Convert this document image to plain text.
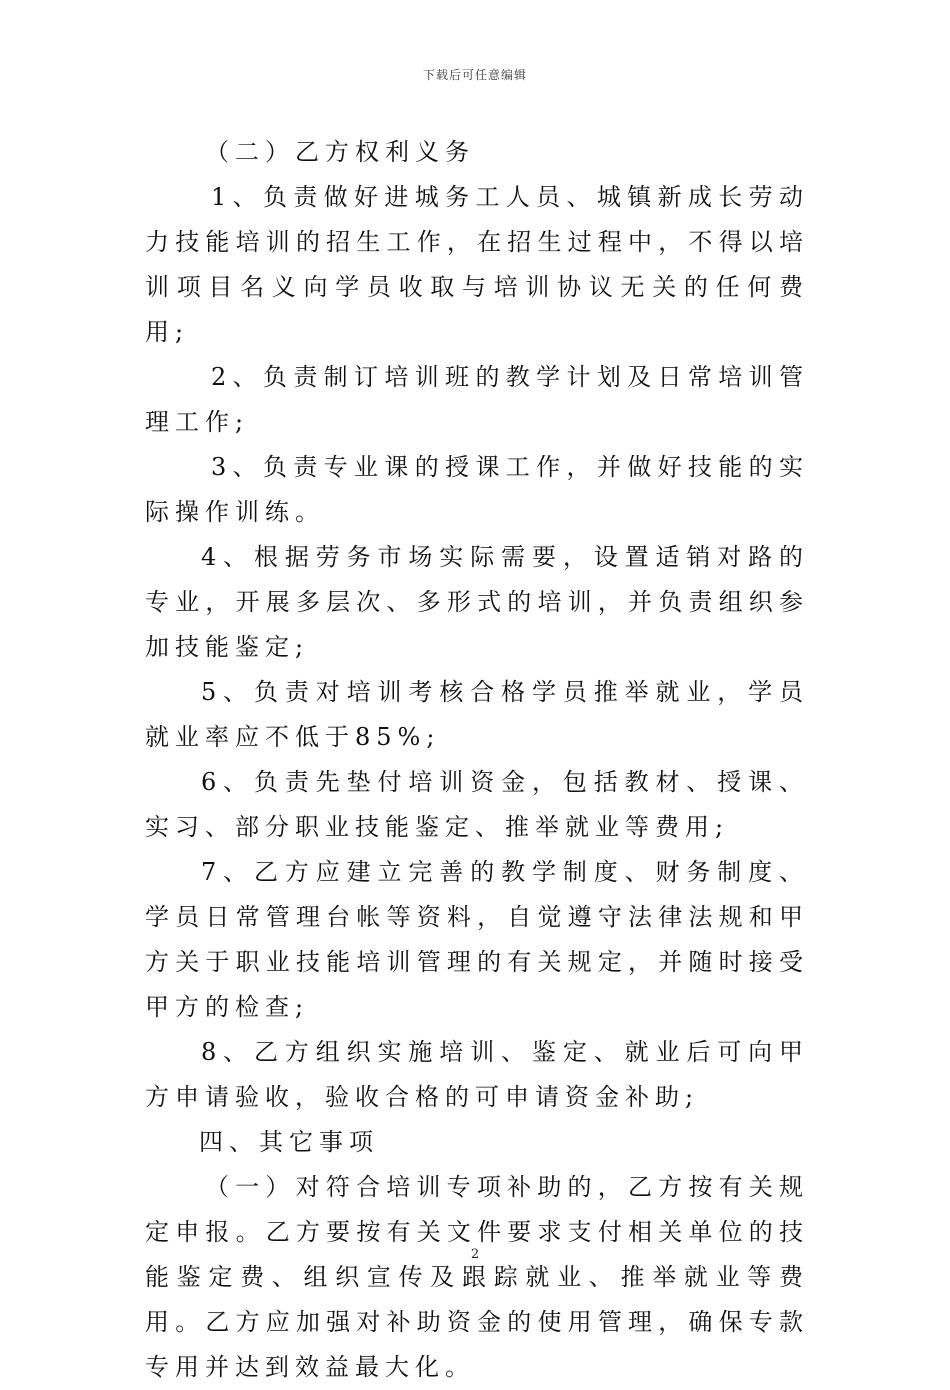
下载后可任意编辑

（二）乙方权利义务

1、负责做好进城务工人员、城镇新成长劳动力技能培训的招生工作，在招生过程中，不得以培训项目名义向学员收取与培训协议无关的任何费用;

2、负责制订培训班的教学计划及日常培训管理工作;

3、负责专业课的授课工作，并做好技能的实际操作训练。

4、根据劳务市场实际需要，设置适销对路的专业，开展多层次、多形式的培训，并负责组织参加技能鉴定;

5、负责对培训考核合格学员推举就业，学员就业率应不低于85%;

6、负责先垫付培训资金，包括教材、授课、实习、部分职业技能鉴定、推举就业等费用;

7、乙方应建立完善的教学制度、财务制度、学员日常管理台帐等资料，自觉遵守法律法规和甲方关于职业技能培训管理的有关规定，并随时接受甲方的检查;

8、乙方组织实施培训、鉴定、就业后可向甲方申请验收，验收合格的可申请资金补助;

四、其它事项

（一）对符合培训专项补助的，乙方按有关规定申报。乙方要按有关文件要求支付相关单位的技能鉴定费、组织宣传及跟踪就业、推举就业等费用。乙方应加强对补助资金的使用管理，确保专款专用并达到效益最大化。

2
